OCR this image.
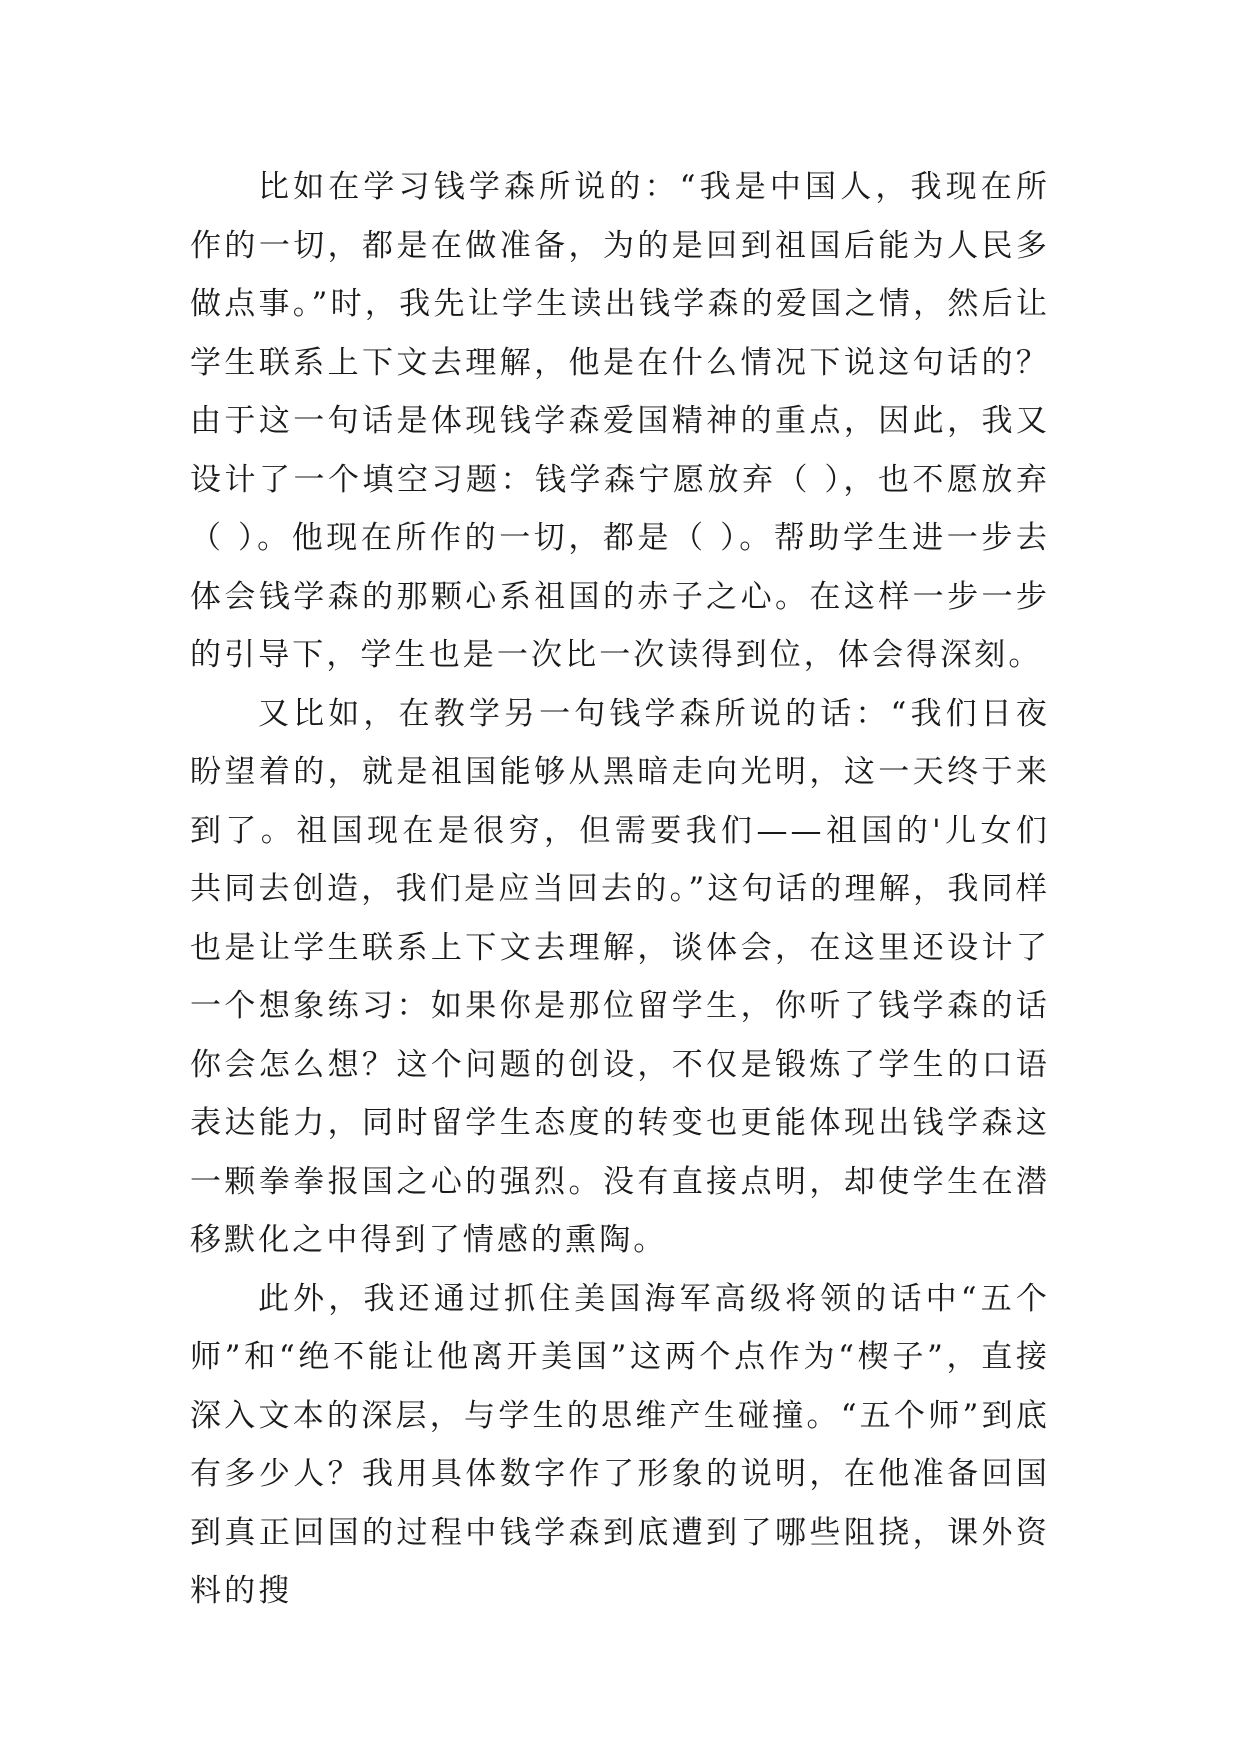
比如在学习钱学森所说的：“我是中国人，我现在所作的一切，都是在做准备，为的是回到祖国后能为人民多做点事。”时，我先让学生读出钱学森的爱国之情，然后让学生联系上下文去理解，他是在什么情况下说这句话的？由于这一句话是体现钱学森爱国精神的重点，因此，我又设计了一个填空习题：钱学森宁愿放弃（ ），也不愿放弃（ ）。他现在所作的一切，都是（ ）。帮助学生进一步去体会钱学森的那颗心系祖国的赤子之心。在这样一步一步的引导下，学生也是一次比一次读得到位，体会得深刻。

又比如，在教学另一句钱学森所说的话：“我们日夜盼望着的，就是祖国能够从黑暗走向光明，这一天终于来到了。祖国现在是很穷，但需要我们——祖国的'儿女们共同去创造，我们是应当回去的。”这句话的理解，我同样也是让学生联系上下文去理解，谈体会，在这里还设计了一个想象练习：如果你是那位留学生，你听了钱学森的话你会怎么想？这个问题的创设，不仅是锻炼了学生的口语表达能力，同时留学生态度的转变也更能体现出钱学森这一颗拳拳报国之心的强烈。没有直接点明，却使学生在潜移默化之中得到了情感的熏陶。

此外，我还通过抓住美国海军高级将领的话中“五个师”和“绝不能让他离开美国”这两个点作为“楔子”，直接深入文本的深层，与学生的思维产生碰撞。“五个师”到底有多少人？我用具体数字作了形象的说明，在他准备回国到真正回国的过程中钱学森到底遭到了哪些阻挠，课外资料的搜
